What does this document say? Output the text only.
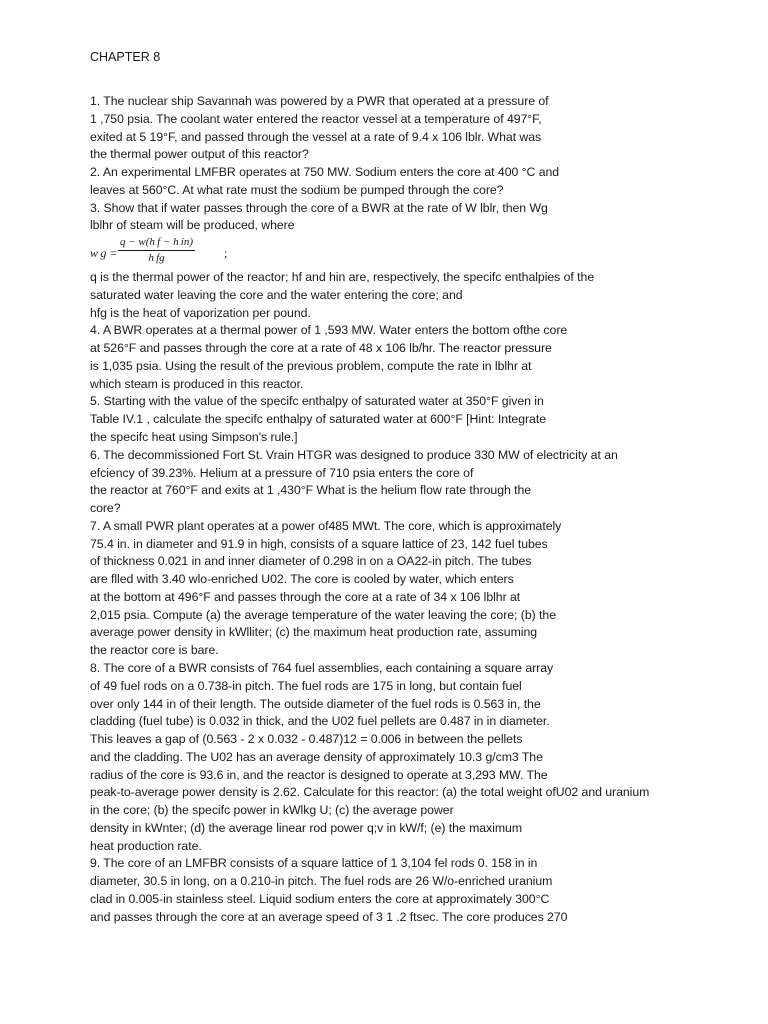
CHAPTER 8
1. The nuclear ship Savannah was powered by a PWR that operated at a pressure of
1 ,750 psia. The coolant water entered the reactor vessel at a temperature of 497°F,
exited at 5 19°F, and passed through the vessel at a rate of 9.4 x 106 lblr. What was
the thermal power output of this reactor?
2. An experimental LMFBR operates at 750 MW. Sodium enters the core at 400 °C and
leaves at 560°C. At what rate must the sodium be pumped through the core?
3. Show that if water passes through the core of a BWR at the rate of W lblr, then Wg
lblhr of steam will be produced, where
w $g = \frac{\text{q − w(h f − h in)}}{\text{h fg}}$ ;
q is the thermal power of the reactor; hf and hin are, respectively, the specifc enthalpies of the
saturated water leaving the core and the water entering the core; and
hfg is the heat of vaporization per pound.
4. A BWR operates at a thermal power of 1 ,593 MW. Water enters the bottom ofthe core
at 526°F and passes through the core at a rate of 48 x 106 lb/hr. The reactor pressure
is 1,035 psia. Using the result of the previous problem, compute the rate in lblhr at
which steam is produced in this reactor.
5. Starting with the value of the specifc enthalpy of saturated water at 350°F given in
Table IV.1 , calculate the specifc enthalpy of saturated water at 600°F [Hint: Integrate
the specifc heat using Simpson's rule.]
6. The decommissioned Fort St. Vrain HTGR was designed to produce 330 MW of electricity at an
efciency of 39.23%. Helium at a pressure of 710 psia enters the core of
the reactor at 760°F and exits at 1 ,430°F What is the helium flow rate through the
core?
7. A small PWR plant operates at a power of485 MWt. The core, which is approximately
75.4 in. in diameter and 91.9 in high, consists of a square lattice of 23, 142 fuel tubes
of thickness 0.021 in and inner diameter of 0.298 in on a OA22-in pitch. The tubes
are flled with 3.40 wlo-enriched U02. The core is cooled by water, which enters
at the bottom at 496°F and passes through the core at a rate of 34 x 106 lblhr at
2,015 psia. Compute (a) the average temperature of the water leaving the core; (b) the
average power density in kWlliter; (c) the maximum heat production rate, assuming
the reactor core is bare.
8. The core of a BWR consists of 764 fuel assemblies, each containing a square array
of 49 fuel rods on a 0.738-in pitch. The fuel rods are 175 in long, but contain fuel
over only 144 in of their length. The outside diameter of the fuel rods is 0.563 in, the
cladding (fuel tube) is 0.032 in thick, and the U02 fuel pellets are 0.487 in in diameter.
This leaves a gap of (0.563 - 2 x 0.032 - 0.487)12 = 0.006 in between the pellets
and the cladding. The U02 has an average density of approximately 10.3 g/cm3 The
radius of the core is 93.6 in, and the reactor is designed to operate at 3,293 MW. The
peak-to-average power density is 2.62. Calculate for this reactor: (a) the total weight ofU02 and uranium
in the core; (b) the specifc power in kWlkg U; (c) the average power
density in kWnter; (d) the average linear rod power q;v in kW/f; (e) the maximum
heat production rate.
9. The core of an LMFBR consists of a square lattice of 1 3,104 fel rods 0. 158 in in
diameter, 30.5 in long, on a 0.210-in pitch. The fuel rods are 26 W/o-enriched uranium
clad in 0.005-in stainless steel. Liquid sodium enters the core at approximately 300°C
and passes through the core at an average speed of 3 1 .2 ftsec. The core produces 270
